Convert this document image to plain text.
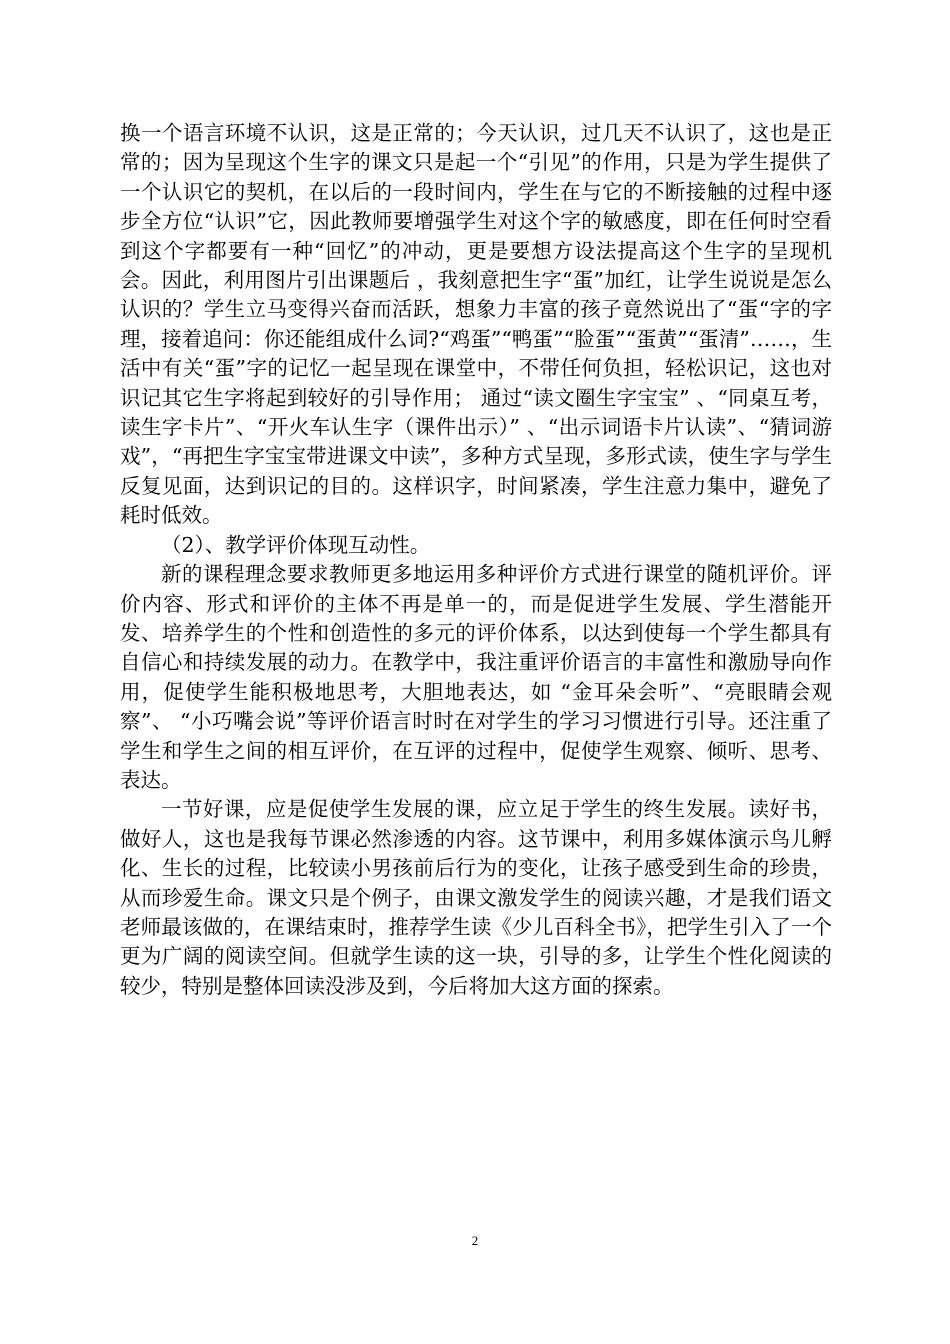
换一个语言环境不认识，这是正常的；今天认识，过几天不认识了，这也是正常的；因为呈现这个生字的课文只是起一个“引见”的作用，只是为学生提供了一个认识它的契机，在以后的一段时间内，学生在与它的不断接触的过程中逐步全方位“认识”它，因此教师要增强学生对这个字的敏感度，即在任何时空看到这个字都要有一种“回忆”的冲动，更是要想方设法提高这个生字的呈现机会。因此，利用图片引出课题后 ，我刻意把生字“蛋”加红，让学生说说是怎么认识的？学生立马变得兴奋而活跃，想象力丰富的孩子竟然说出了“蛋“字的字理，接着追问：你还能组成什么词?“鸡蛋”“鸭蛋”“脸蛋”“蛋黄”“蛋清”……，生活中有关“蛋”字的记忆一起呈现在课堂中，不带任何负担，轻松识记，这也对识记其它生字将起到较好的引导作用； 通过“读文圈生字宝宝” 、“同桌互考，读生字卡片”、“开火车认生字（课件出示）” 、“出示词语卡片认读”、“猜词游戏”，“再把生字宝宝带进课文中读”，多种方式呈现，多形式读，使生字与学生反复见面，达到识记的目的。这样识字，时间紧凑，学生注意力集中，避免了耗时低效。

（2）、教学评价体现互动性。

新的课程理念要求教师更多地运用多种评价方式进行课堂的随机评价。评价内容、形式和评价的主体不再是单一的，而是促进学生发展、学生潜能开发、培养学生的个性和创造性的多元的评价体系，以达到使每一个学生都具有自信心和持续发展的动力。在教学中，我注重评价语言的丰富性和激励导向作用，促使学生能积极地思考，大胆地表达，如 “金耳朵会听”、“亮眼睛会观察”、 “小巧嘴会说”等评价语言时时在对学生的学习习惯进行引导。还注重了学生和学生之间的相互评价，在互评的过程中，促使学生观察、倾听、思考、表达。

一节好课，应是促使学生发展的课，应立足于学生的终生发展。读好书，做好人，这也是我每节课必然渗透的内容。这节课中，利用多媒体演示鸟儿孵化、生长的过程，比较读小男孩前后行为的变化，让孩子感受到生命的珍贵，从而珍爱生命。课文只是个例子，由课文激发学生的阅读兴趣，才是我们语文老师最该做的，在课结束时，推荐学生读《少儿百科全书》，把学生引入了一个更为广阔的阅读空间。但就学生读的这一块，引导的多，让学生个性化阅读的较少，特别是整体回读没涉及到，今后将加大这方面的探索。

2
